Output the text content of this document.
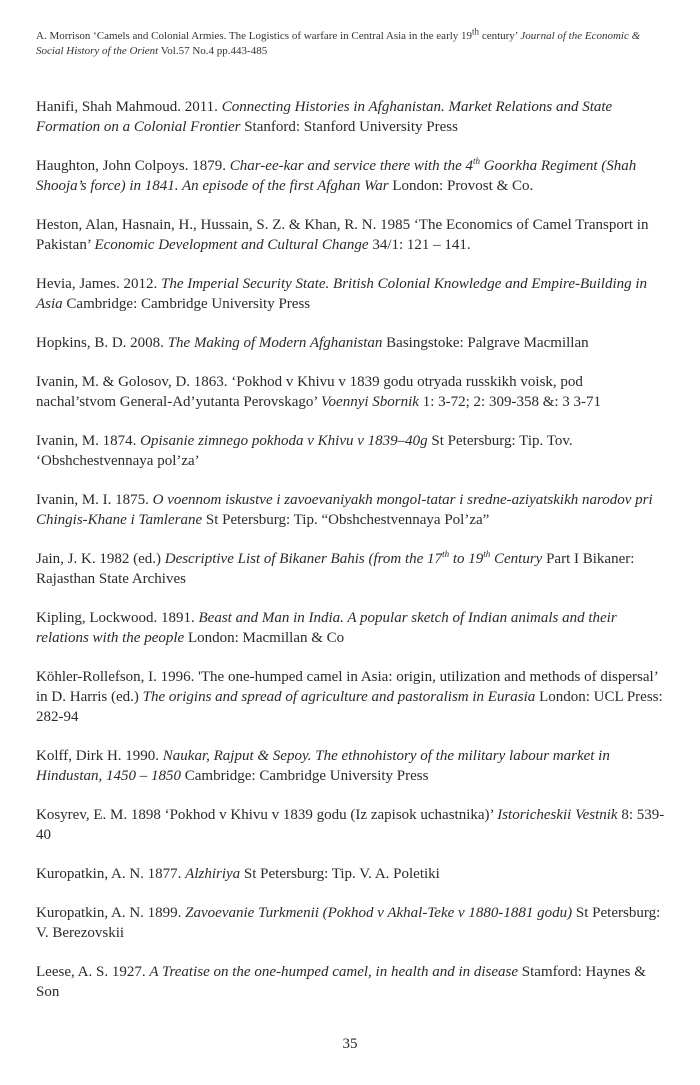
A. Morrison ‘Camels and Colonial Armies. The Logistics of warfare in Central Asia in the early 19th century’ Journal of the Economic & Social History of the Orient Vol.57 No.4 pp.443-485

Hanifi, Shah Mahmoud. 2011. Connecting Histories in Afghanistan. Market Relations and State Formation on a Colonial Frontier Stanford: Stanford University Press

Haughton, John Colpoys. 1879. Char-ee-kar and service there with the 4th Goorkha Regiment (Shah Shooja’s force) in 1841. An episode of the first Afghan War London: Provost & Co.

Heston, Alan, Hasnain, H., Hussain, S. Z. & Khan, R. N. 1985 ‘The Economics of Camel Transport in Pakistan’ Economic Development and Cultural Change 34/1: 121 – 141.

Hevia, James. 2012. The Imperial Security State. British Colonial Knowledge and Empire-Building in Asia Cambridge: Cambridge University Press

Hopkins, B. D. 2008. The Making of Modern Afghanistan Basingstoke: Palgrave Macmillan

Ivanin, M. & Golosov, D. 1863. ‘Pokhod v Khivu v 1839 godu otryada russkikh voisk, pod nachal’stvom General-Ad’yutanta Perovskago’ Voennyi Sbornik 1: 3-72; 2: 309-358 &: 3 3-71

Ivanin, M. 1874. Opisanie zimnego pokhoda v Khivu v 1839–40g St Petersburg: Tip. Tov. ‘Obshchestvennaya pol’za’

Ivanin, M. I. 1875. O voennom iskustve i zavoevaniyakh mongol-tatar i sredne-aziyatskikh narodov pri Chingis-Khane i Tamlerane St Petersburg: Tip. “Obshchestvennaya Pol’za”

Jain, J. K. 1982 (ed.) Descriptive List of Bikaner Bahis (from the 17th to 19th Century Part I Bikaner: Rajasthan State Archives

Kipling, Lockwood. 1891. Beast and Man in India. A popular sketch of Indian animals and their relations with the people London: Macmillan & Co

Köhler-Rollefson, I. 1996. 'The one-humped camel in Asia: origin, utilization and methods of dispersal’ in D. Harris (ed.) The origins and spread of agriculture and pastoralism in Eurasia London: UCL Press: 282-94

Kolff, Dirk H. 1990. Naukar, Rajput & Sepoy. The ethnohistory of the military labour market in Hindustan, 1450 – 1850 Cambridge: Cambridge University Press

Kosyrev, E. M. 1898 ‘Pokhod v Khivu v 1839 godu (Iz zapisok uchastnika)’ Istoricheskii Vestnik 8: 539-40

Kuropatkin, A. N. 1877. Alzhiriya St Petersburg: Tip. V. A. Poletiki

Kuropatkin, A. N. 1899. Zavoevanie Turkmenii (Pokhod v Akhal-Teke v 1880-1881 godu) St Petersburg: V. Berezovskii

Leese, A. S. 1927. A Treatise on the one-humped camel, in health and in disease Stamford: Haynes & Son

35
